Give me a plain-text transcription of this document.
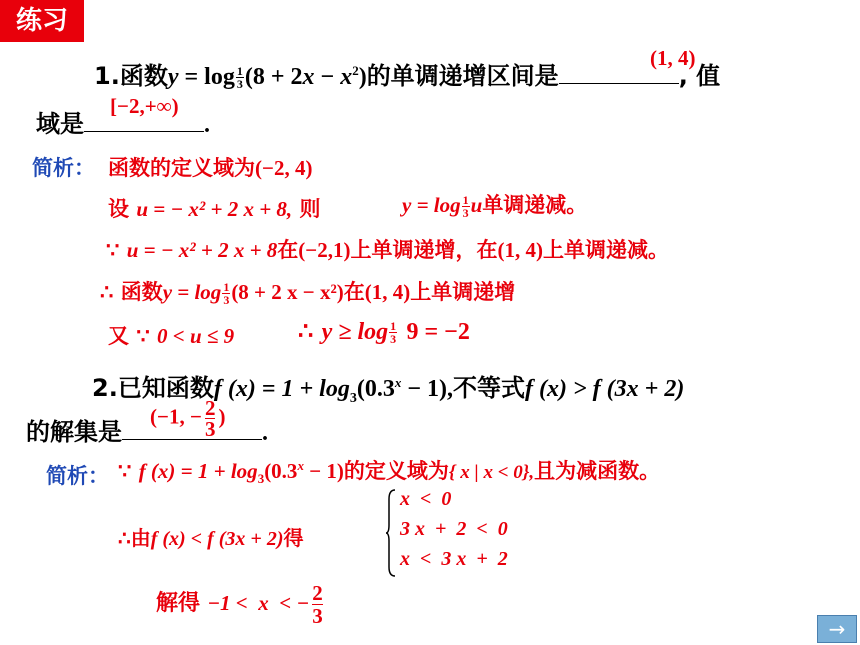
练习
1.函数$y = \log \frac{1}{3} (8 + 2x - x^2)$的单调递增区间是	, 值
(1, 4)
域是	.
[−2,+∞)
简析： 函数的定义域为(−2, 4)
设 u = − x² + 2 x + 8, 则	$y = \log \frac{1}{3}$ u单调递减。
∵ u = − x² + 2 x + 8在(−2,1)上单调递增，在(1, 4)上单调递减。
∴ 函数$y = \log \frac{1}{3} (8 + 2$ x − x²)在(1, 4)上单调递增
又 ∵ 0 < u ≤ 9	∴ $y \ge \log \frac{1}{3} 9 = -2$
2.已知函数f $(x) = 1 + \log_3(0.3^x - 1)$,不等式f (x) > f (3x + 2)
的解集是	.
(−1, − $\frac{2}{3}$ )
简析： ∵ f $(x) = 1 + \log_3(0.3^x - 1)$的定义域为{ x | x < 0},且为减函数。
∴由f (x) < f (3x + 2)得
x  <  0
3 x  +  2  <  0
x  <  3 x  +  2
解得 −1 <  x  < − $\frac{2}{3}$
→
